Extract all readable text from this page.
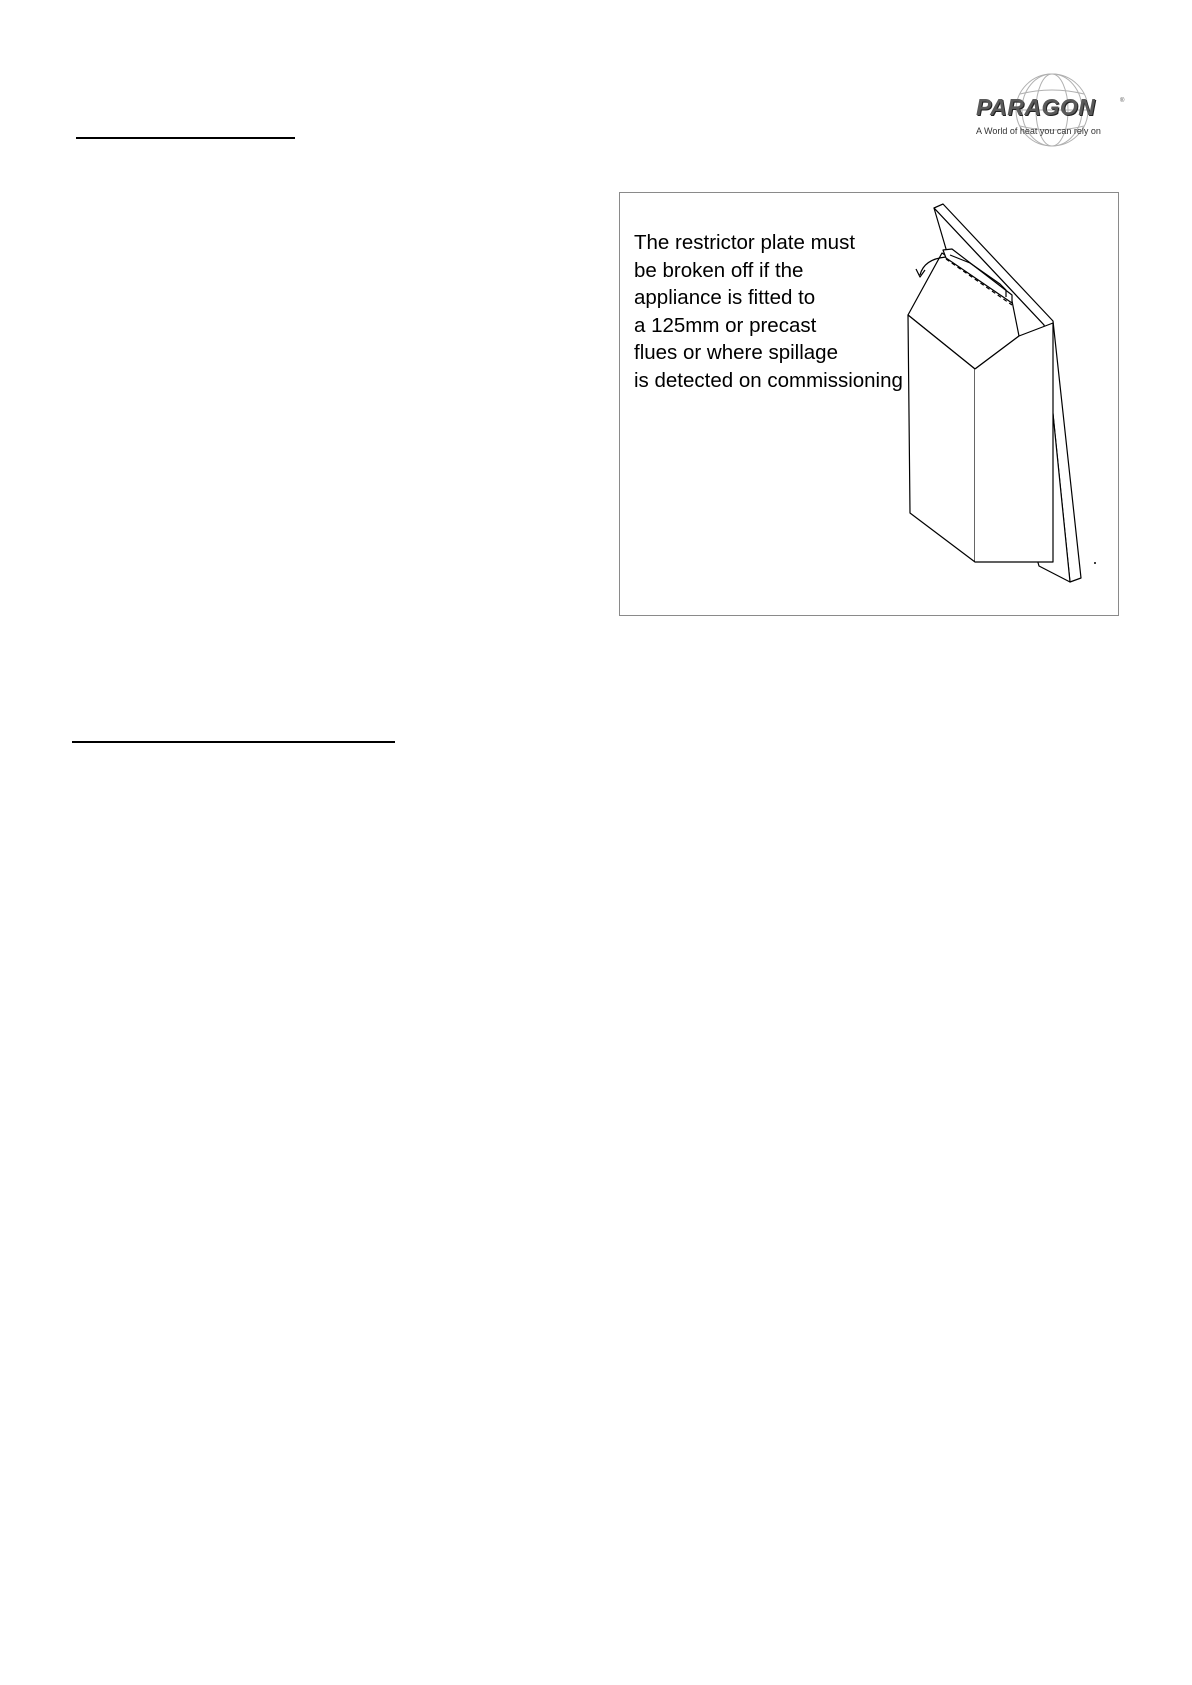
PARAGON	®
A World of heat you can rely on

The restrictor plate must
be broken off if the
appliance is fitted to
a 125mm or precast
flues or where spillage
is detected on commissioning
